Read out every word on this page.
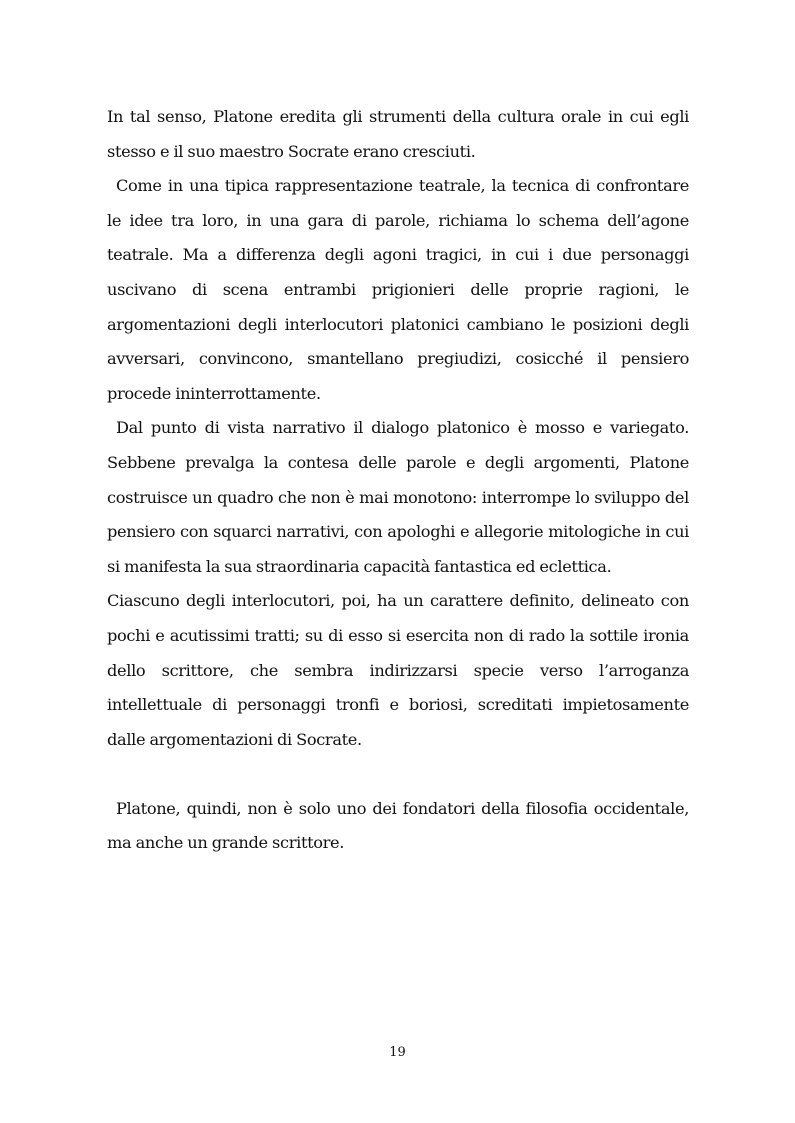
In tal senso, Platone eredita gli strumenti della cultura orale in cui egli stesso e il suo maestro Socrate erano cresciuti.

Come in una tipica rappresentazione teatrale, la tecnica di confrontare le idee tra loro, in una gara di parole, richiama lo schema dell’agone teatrale. Ma a differenza degli agoni tragici, in cui i due personaggi uscivano di scena entrambi prigionieri delle proprie ragioni, le argomentazioni degli interlocutori platonici cambiano le posizioni degli avversari, convincono, smantellano pregiudizi, cosicché il pensiero procede ininterrottamente.

Dal punto di vista narrativo il dialogo platonico è mosso e variegato. Sebbene prevalga la contesa delle parole e degli argomenti, Platone costruisce un quadro che non è mai monotono: interrompe lo sviluppo del pensiero con squarci narrativi, con apologhi e allegorie mitologiche in cui si manifesta la sua straordinaria capacità fantastica ed eclettica.

Ciascuno degli interlocutori, poi, ha un carattere definito, delineato con pochi e acutissimi tratti; su di esso si esercita non di rado la sottile ironia dello scrittore, che sembra indirizzarsi specie verso l’arroganza intellettuale di personaggi tronfi e boriosi, screditati impietosamente dalle argomentazioni di Socrate.

Platone, quindi, non è solo uno dei fondatori della filosofia occidentale, ma anche un grande scrittore.

19
